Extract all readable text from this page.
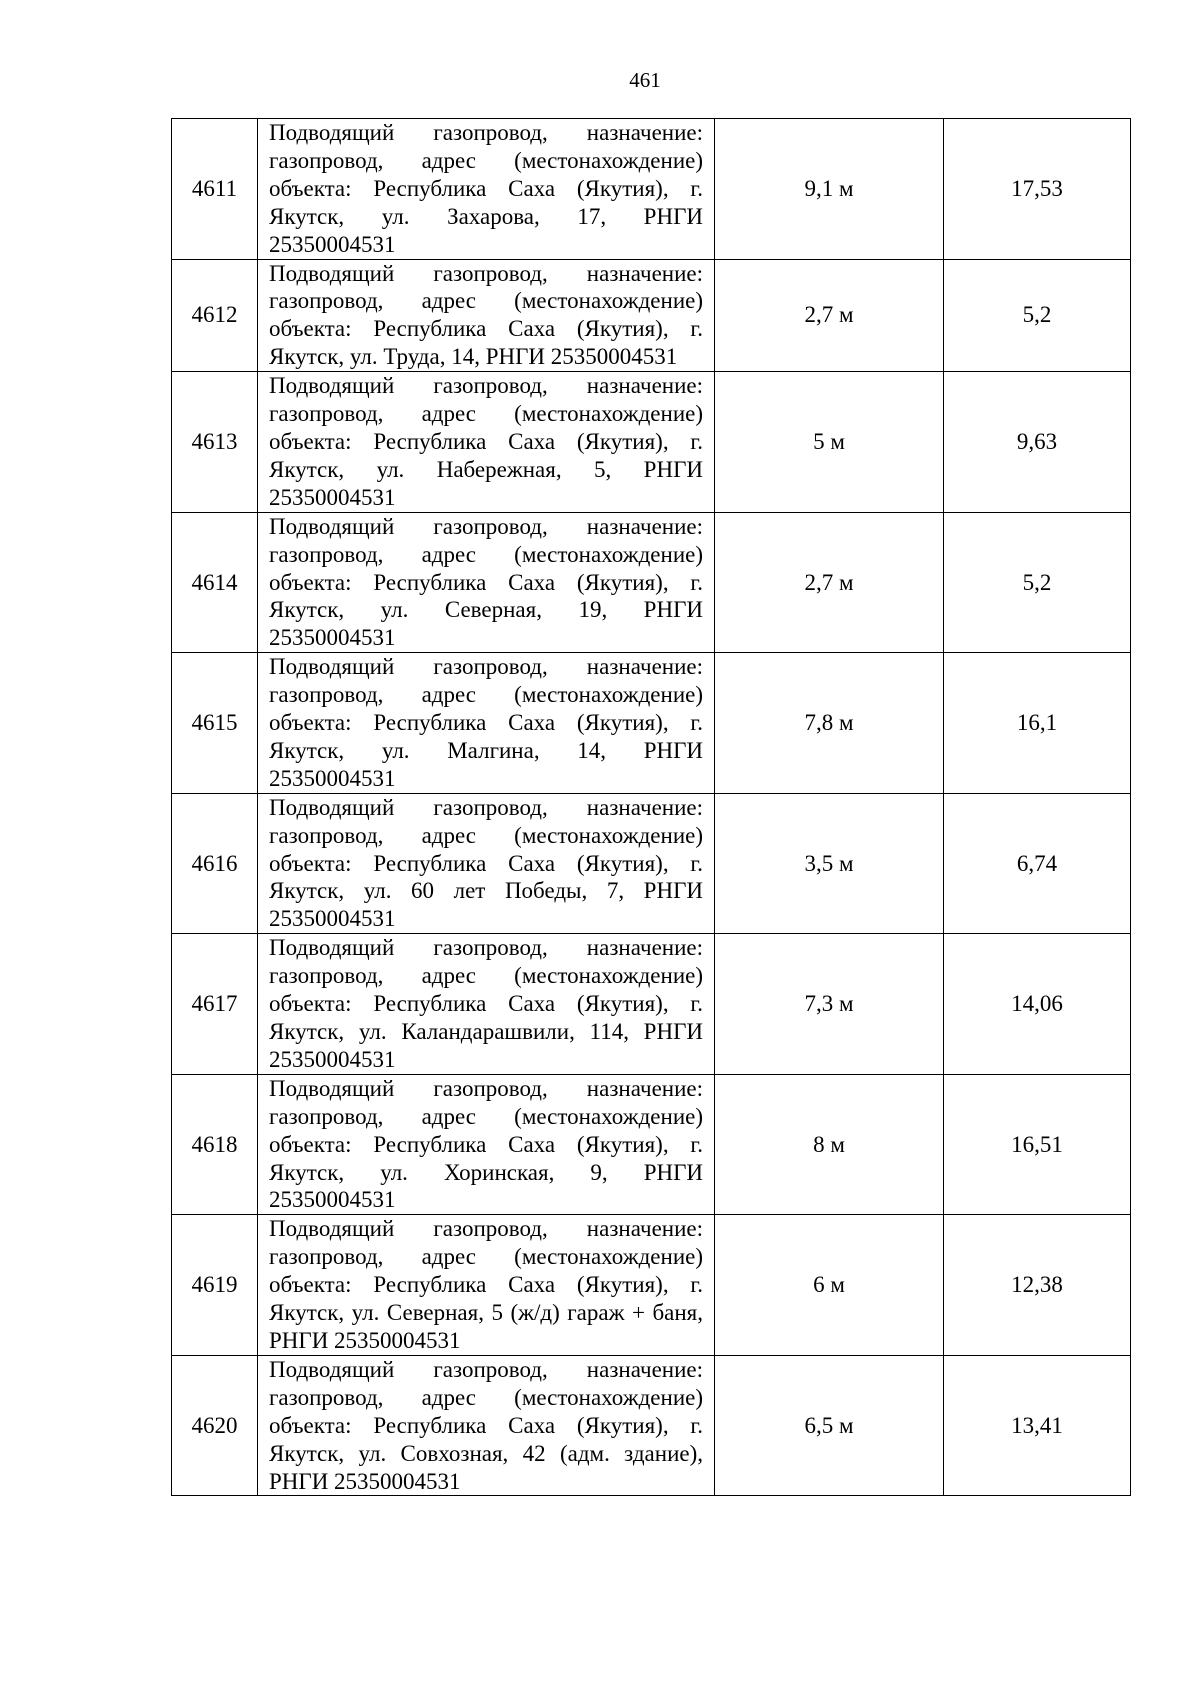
461
4611	Подводящий газопровод, назначение: газопровод, адрес (местонахождение) объекта: Республика Саха (Якутия), г. Якутск, ул. Захарова, 17, РНГИ 25350004531	9,1 м	17,53
4612	Подводящий газопровод, назначение: газопровод, адрес (местонахождение) объекта: Республика Саха (Якутия), г. Якутск, ул. Труда, 14, РНГИ 25350004531	2,7 м	5,2
4613	Подводящий газопровод, назначение: газопровод, адрес (местонахождение) объекта: Республика Саха (Якутия), г. Якутск, ул. Набережная, 5, РНГИ 25350004531	5 м	9,63
4614	Подводящий газопровод, назначение: газопровод, адрес (местонахождение) объекта: Республика Саха (Якутия), г. Якутск, ул. Северная, 19, РНГИ 25350004531	2,7 м	5,2
4615	Подводящий газопровод, назначение: газопровод, адрес (местонахождение) объекта: Республика Саха (Якутия), г. Якутск, ул. Малгина, 14, РНГИ 25350004531	7,8 м	16,1
4616	Подводящий газопровод, назначение: газопровод, адрес (местонахождение) объекта: Республика Саха (Якутия), г. Якутск, ул. 60 лет Победы, 7, РНГИ 25350004531	3,5 м	6,74
4617	Подводящий газопровод, назначение: газопровод, адрес (местонахождение) объекта: Республика Саха (Якутия), г. Якутск, ул. Каландарашвили, 114, РНГИ 25350004531	7,3 м	14,06
4618	Подводящий газопровод, назначение: газопровод, адрес (местонахождение) объекта: Республика Саха (Якутия), г. Якутск, ул. Хоринская, 9, РНГИ 25350004531	8 м	16,51
4619	Подводящий газопровод, назначение: газопровод, адрес (местонахождение) объекта: Республика Саха (Якутия), г. Якутск, ул. Северная, 5 (ж/д) гараж + баня, РНГИ 25350004531	6 м	12,38
4620	Подводящий газопровод, назначение: газопровод, адрес (местонахождение) объекта: Республика Саха (Якутия), г. Якутск, ул. Совхозная, 42 (адм. здание), РНГИ 25350004531	6,5 м	13,41
